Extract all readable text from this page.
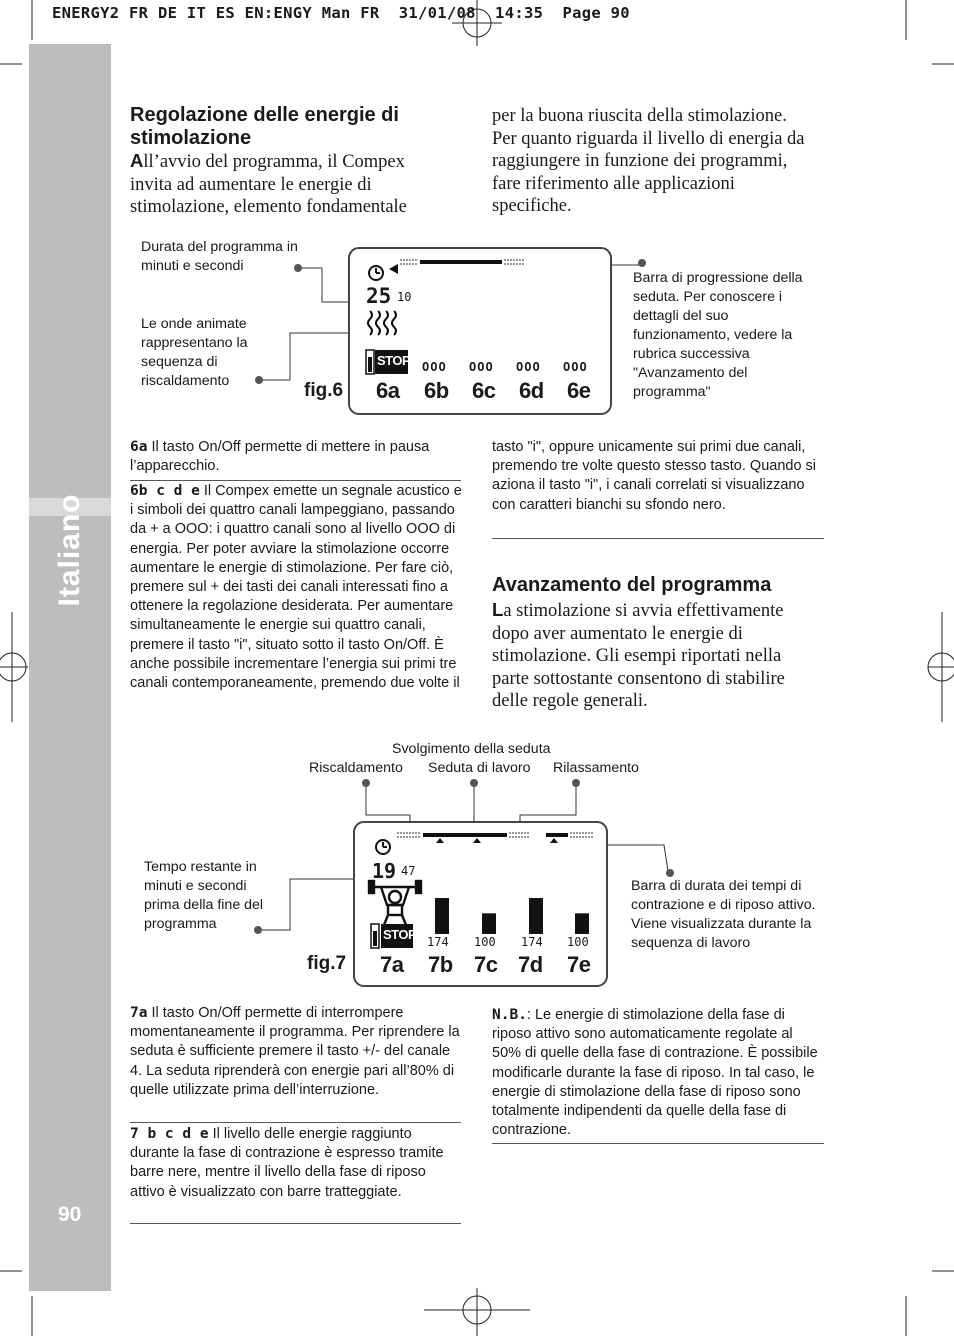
ENERGY2 FR DE IT ES EN:ENGY Man FR  31/01/08  14:35  Page 90
Italiano
90
Regolazione delle energie di stimolazione
All’avvio del programma, il Compex invita ad aumentare le energie di stimolazione, elemento fondamentale
per la buona riuscita della stimolazione. Per quanto riguarda il livello di energia da raggiungere in funzione dei programmi, fare riferimento alle applicazioni specifiche.
Durata del programma in minuti e secondi
Le onde animate rappresentano la sequenza di riscaldamento
Barra di progressione della seduta. Per conoscere i dettagli del suo funzionamento, vedere la rubrica successiva "Avanzamento del programma"
fig.6
25 10
STOP OOO OOO OOO OOO
6a 6b 6c 6d 6e
6a Il tasto On/Off permette di mettere in pausa l’apparecchio.
6b c d e Il Compex emette un segnale acustico e i simboli dei quattro canali lampeggiano, passando da + a OOO: i quattro canali sono al livello OOO di energia. Per poter avviare la stimolazione occorre aumentare le energie di stimolazione. Per fare ciò, premere sul + dei tasti dei canali interessati fino a ottenere la regolazione desiderata. Per aumentare simultaneamente le energie sui quattro canali, premere il tasto "i", situato sotto il tasto On/Off. È anche possibile incrementare l’energia sui primi tre canali contemporaneamente, premendo due volte il
tasto "i", oppure unicamente sui primi due canali, premendo tre volte questo stesso tasto. Quando si aziona il tasto "i", i canali correlati si visualizzano con caratteri bianchi su sfondo nero.
Avanzamento del programma
La stimolazione si avvia effettivamente dopo aver aumentato le energie di stimolazione. Gli esempi riportati nella parte sottostante consentono di stabilire delle regole generali.
Svolgimento della seduta
Riscaldamento Seduta di lavoro Rilassamento
Tempo restante in minuti e secondi prima della fine del programma
Barra di durata dei tempi di contrazione e di riposo attivo. Viene visualizzata durante la sequenza di lavoro
fig.7
19 47
STOP 174 100 174 100
7a 7b 7c 7d 7e
7a Il tasto On/Off permette di interrompere momentaneamente il programma. Per riprendere la seduta è sufficiente premere il tasto +/- del canale 4. La seduta riprenderà con energie pari all’80% di quelle utilizzate prima dell’interruzione.
7 b c d e Il livello delle energie raggiunto durante la fase di contrazione è espresso tramite barre nere, mentre il livello della fase di riposo attivo è visualizzato con barre tratteggiate.
N.B.: Le energie di stimolazione della fase di riposo attivo sono automaticamente regolate al 50% di quelle della fase di contrazione. È possibile modificarle durante la fase di riposo. In tal caso, le energie di stimolazione della fase di riposo sono totalmente indipendenti da quelle della fase di contrazione.
